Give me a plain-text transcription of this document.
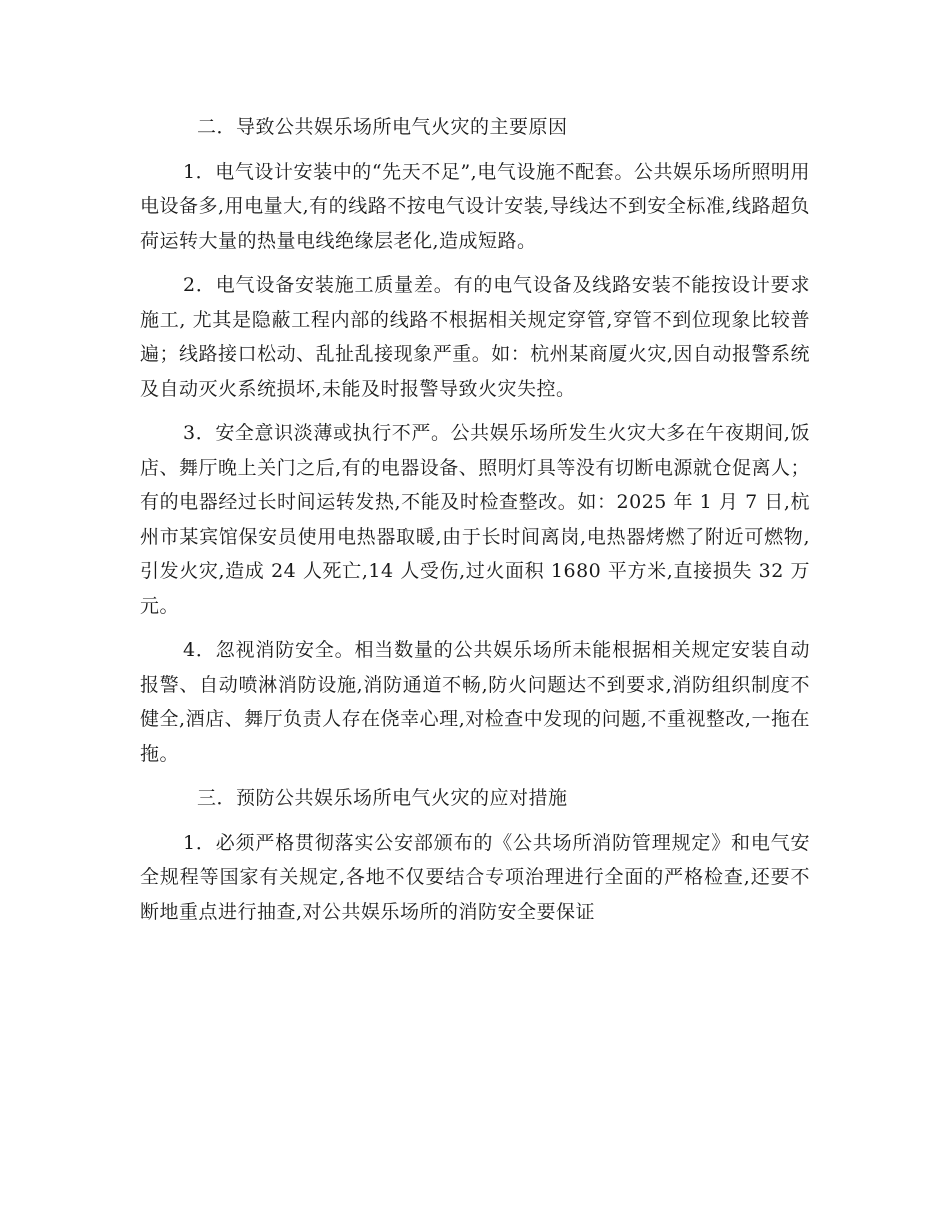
二．导致公共娱乐场所电气火灾的主要原因

1．电气设计安装中的“先天不足”,电气设施不配套。公共娱乐场所照明用电设备多,用电量大,有的线路不按电气设计安装,导线达不到安全标准,线路超负荷运转大量的热量电线绝缘层老化,造成短路。

2．电气设备安装施工质量差。有的电气设备及线路安装不能按设计要求施工, 尤其是隐蔽工程内部的线路不根据相关规定穿管,穿管不到位现象比较普遍；线路接口松动、乱扯乱接现象严重。如：杭州某商厦火灾,因自动报警系统及自动灭火系统损坏,未能及时报警导致火灾失控。

3．安全意识淡薄或执行不严。公共娱乐场所发生火灾大多在午夜期间,饭店、舞厅晚上关门之后,有的电器设备、照明灯具等没有切断电源就仓促离人；有的电器经过长时间运转发热,不能及时检查整改。如：2025 年 1 月 7 日,杭州市某宾馆保安员使用电热器取暖,由于长时间离岗,电热器烤燃了附近可燃物,引发火灾,造成 24 人死亡,14 人受伤,过火面积 1680 平方米,直接损失 32 万元。

4．忽视消防安全。相当数量的公共娱乐场所未能根据相关规定安装自动报警、自动喷淋消防设施,消防通道不畅,防火问题达不到要求,消防组织制度不健全,酒店、舞厅负责人存在侥幸心理,对检查中发现的问题,不重视整改,一拖在拖。

三．预防公共娱乐场所电气火灾的应对措施

1．必须严格贯彻落实公安部颁布的《公共场所消防管理规定》和电气安全规程等国家有关规定,各地不仅要结合专项治理进行全面的严格检查,还要不断地重点进行抽查,对公共娱乐场所的消防安全要保证
